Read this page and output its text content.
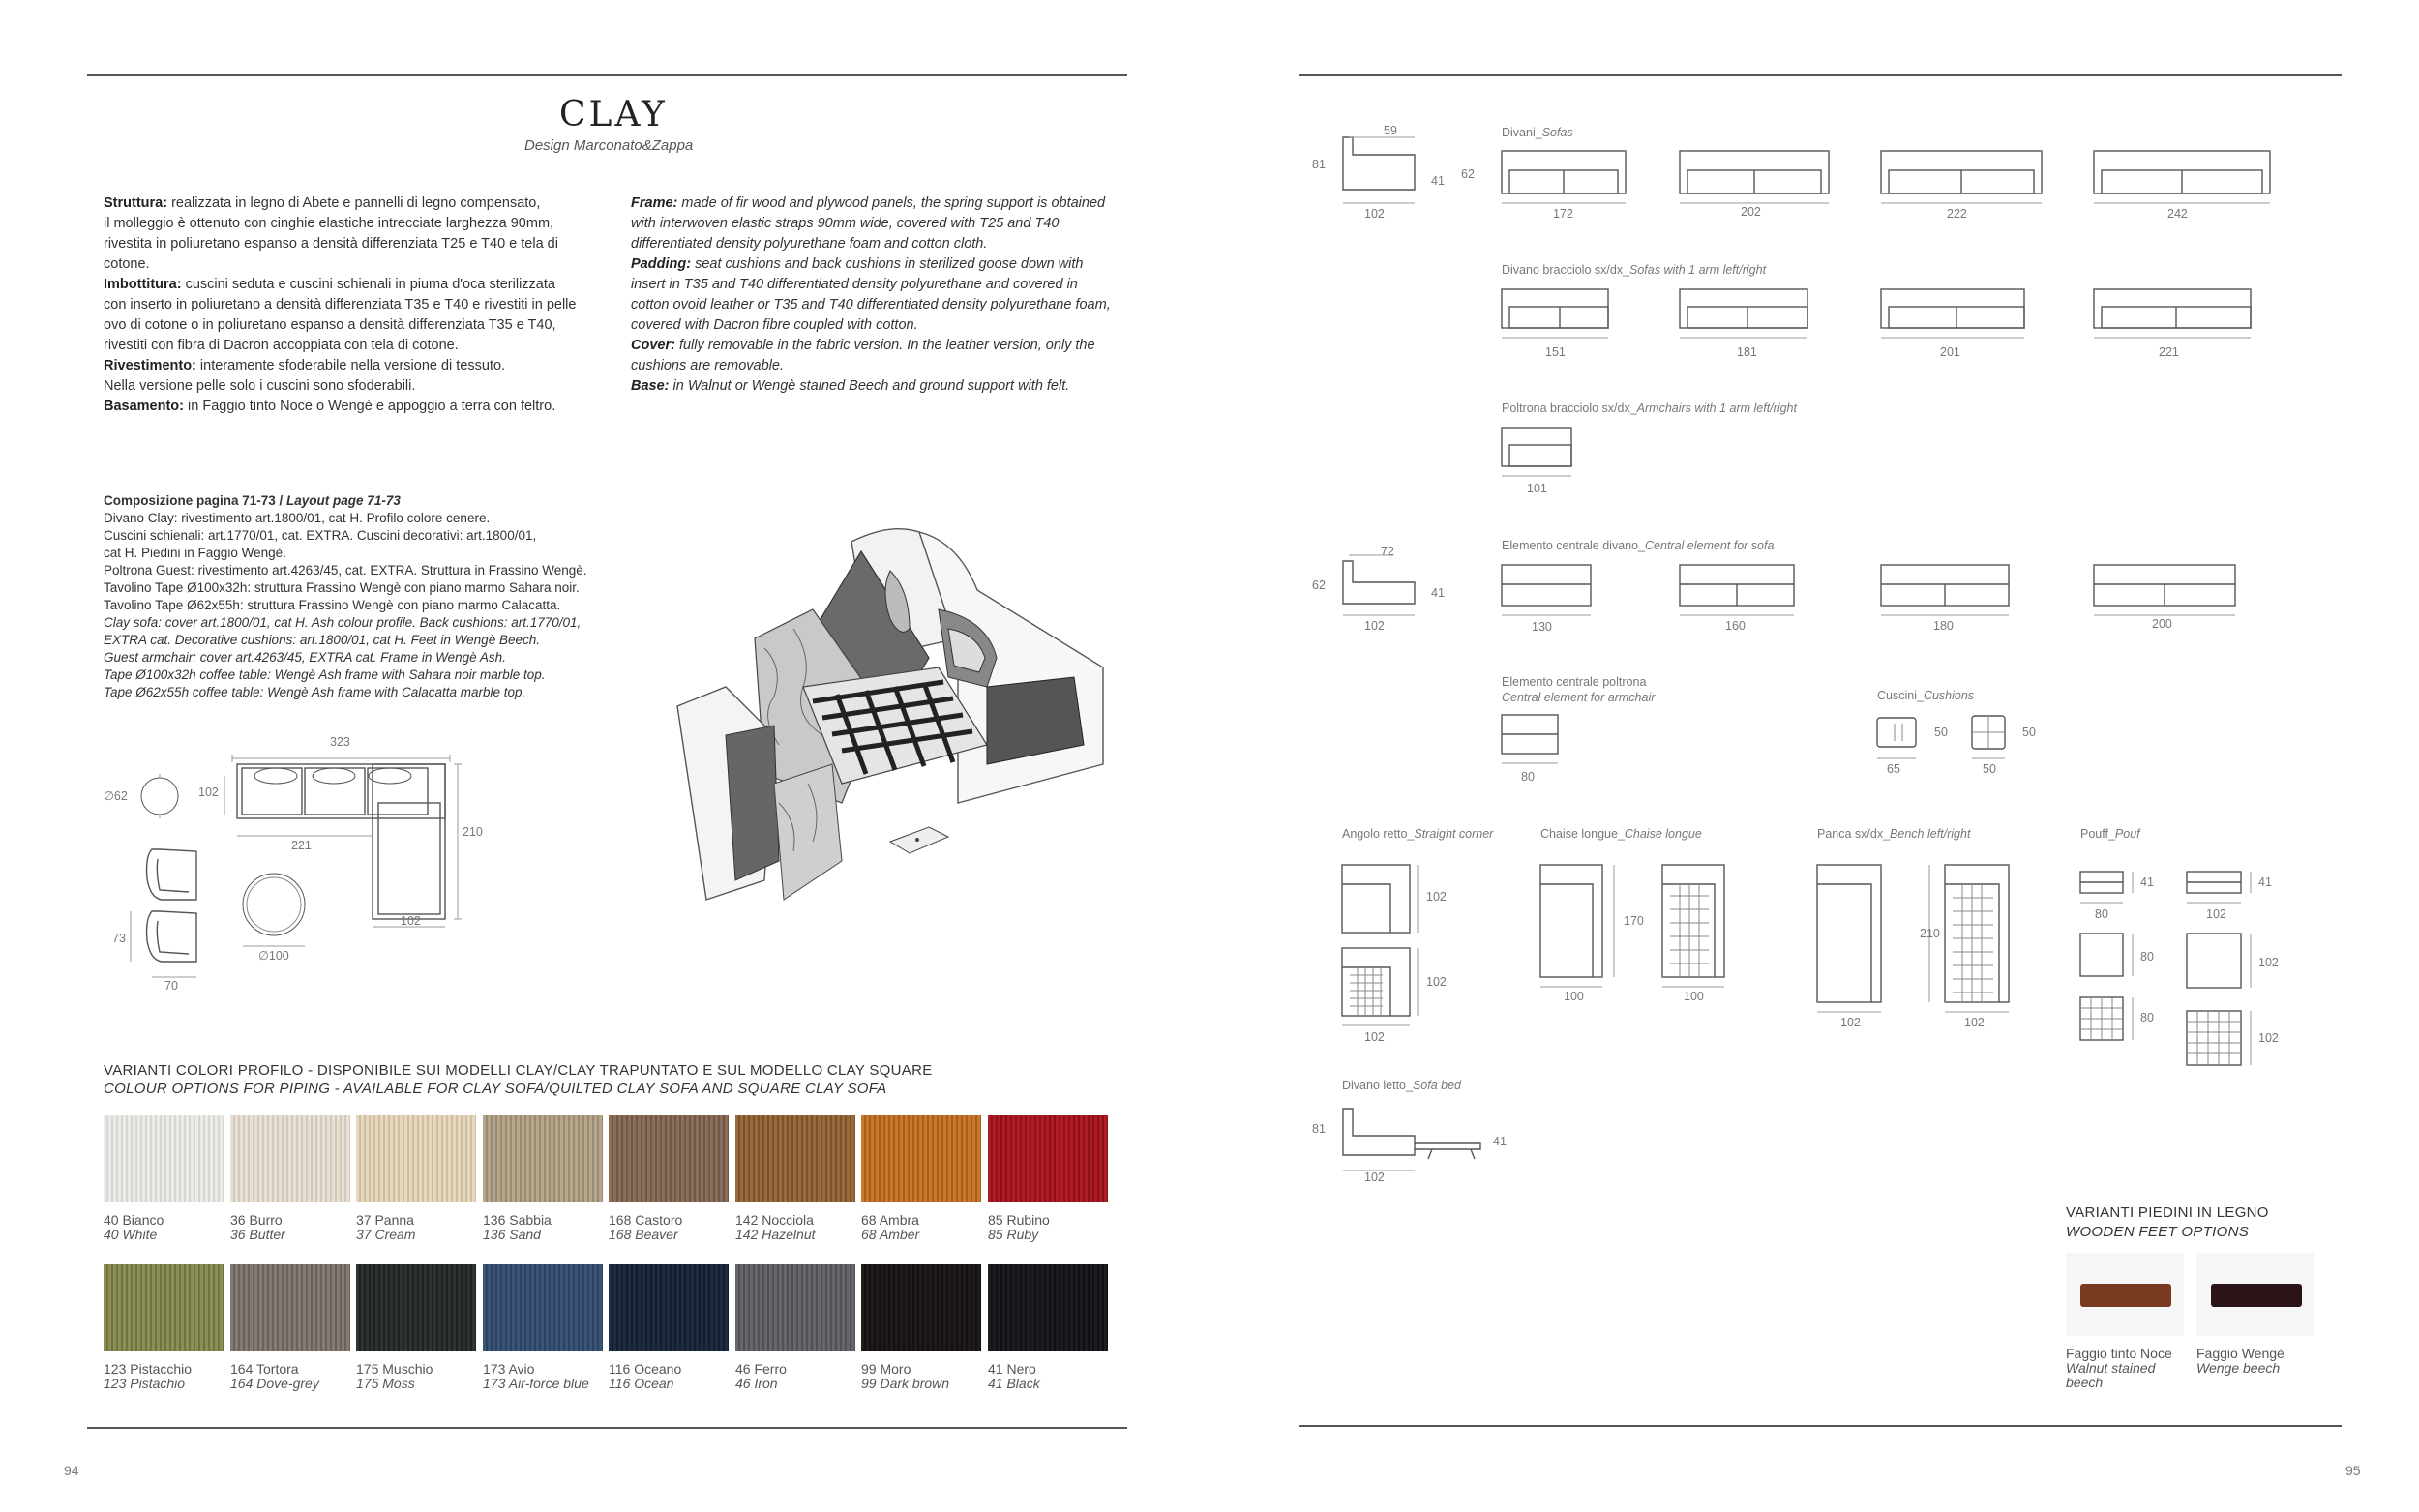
CLAY
Design Marconato&Zappa
Struttura: realizzata in legno di Abete e pannelli di legno compensato,
il molleggio è ottenuto con cinghie elastiche intrecciate larghezza 90mm,
rivestita in poliuretano espanso a densità differenziata T25 e T40 e tela di
cotone.
Imbottitura: cuscini seduta e cuscini schienali in piuma d'oca sterilizzata
con inserto in poliuretano a densità differenziata T35 e T40 e rivestiti in pelle
ovo di cotone o in poliuretano espanso a densità differenziata T35 e T40,
rivestiti con fibra di Dacron accoppiata con tela di cotone.
Rivestimento: interamente sfoderabile nella versione di tessuto.
Nella versione pelle solo i cuscini sono sfoderabili.
Basamento: in Faggio tinto Noce o Wengè e appoggio a terra con feltro.
Frame: made of fir wood and plywood panels, the spring support is obtained
with interwoven elastic straps 90mm wide, covered with T25 and T40
differentiated density polyurethane foam and cotton cloth.
Padding: seat cushions and back cushions in sterilized goose down with
insert in T35 and T40 differentiated density polyurethane and covered in
cotton ovoid leather or T35 and T40 differentiated density polyurethane foam,
covered with Dacron fibre coupled with cotton.
Cover: fully removable in the fabric version. In the leather version, only the
cushions are removable.
Base: in Walnut or Wengè stained Beech and ground support with felt.
Composizione pagina 71-73 / Layout page 71-73
Divano Clay: rivestimento art.1800/01, cat H. Profilo colore cenere.
Cuscini schienali: art.1770/01, cat. EXTRA. Cuscini decorativi: art.1800/01,
cat H. Piedini in Faggio Wengè.
Poltrona Guest: rivestimento art.4263/45, cat. EXTRA. Struttura in Frassino Wengè.
Tavolino Tape Ø100x32h: struttura Frassino Wengè con piano marmo Sahara noir.
Tavolino Tape Ø62x55h: struttura Frassino Wengè con piano marmo Calacatta.
Clay sofa: cover art.1800/01, cat H. Ash colour profile. Back cushions: art.1770/01,
EXTRA cat. Decorative cushions: art.1800/01, cat H. Feet in Wengè Beech.
Guest armchair: cover art.4263/45, EXTRA cat. Frame in Wengè Ash.
Tape Ø100x32h coffee table: Wengè Ash frame with Sahara noir marble top.
Tape Ø62x55h coffee table: Wengè Ash frame with Calacatta marble top.
323
210
221
102
102
∅62
∅100
73
70
VARIANTI COLORI PROFILO - DISPONIBILE SUI MODELLI CLAY/CLAY TRAPUNTATO E SUL MODELLO CLAY SQUARE
COLOUR OPTIONS FOR PIPING - AVAILABLE FOR CLAY SOFA/QUILTED CLAY SOFA AND SQUARE CLAY SOFA
40 Bianco
40 White
36 Burro
36 Butter
37 Panna
37 Cream
136 Sabbia
136 Sand
168 Castoro
168 Beaver
142 Nocciola
142 Hazelnut
68 Ambra
68 Amber
85 Rubino
85 Ruby
123 Pistacchio
123 Pistachio
164 Tortora
164 Dove-grey
175 Muschio
175 Moss
173 Avio
173 Air-force blue
116 Oceano
116 Ocean
46 Ferro
46 Iron
99 Moro
99 Dark brown
41 Nero
41 Black
94
59
81
41 62
102
Divani_Sofas
172	202	222	242
Divano bracciolo sx/dx_Sofas with 1 arm left/right
151	181	201	221
Poltrona bracciolo sx/dx_Armchairs with 1 arm left/right
101
72
62
41
102
Elemento centrale divano_Central element for sofa
130	160	180	200
Elemento centrale poltrona
Central element for armchair
80
Cuscini_Cushions
50
65
50
50
Angolo retto_Straight corner
102
102
102
Chaise longue_Chaise longue
170
100	100
Panca sx/dx_Bench left/right
210
102	102
Pouff_Pouf
41	41
80	102
80	102
80
102
Divano letto_Sofa bed
81
41
102
VARIANTI PIEDINI IN LEGNO
WOODEN FEET OPTIONS
Faggio tinto Noce
Walnut stained
beech
Faggio Wengè
Wenge beech
95
